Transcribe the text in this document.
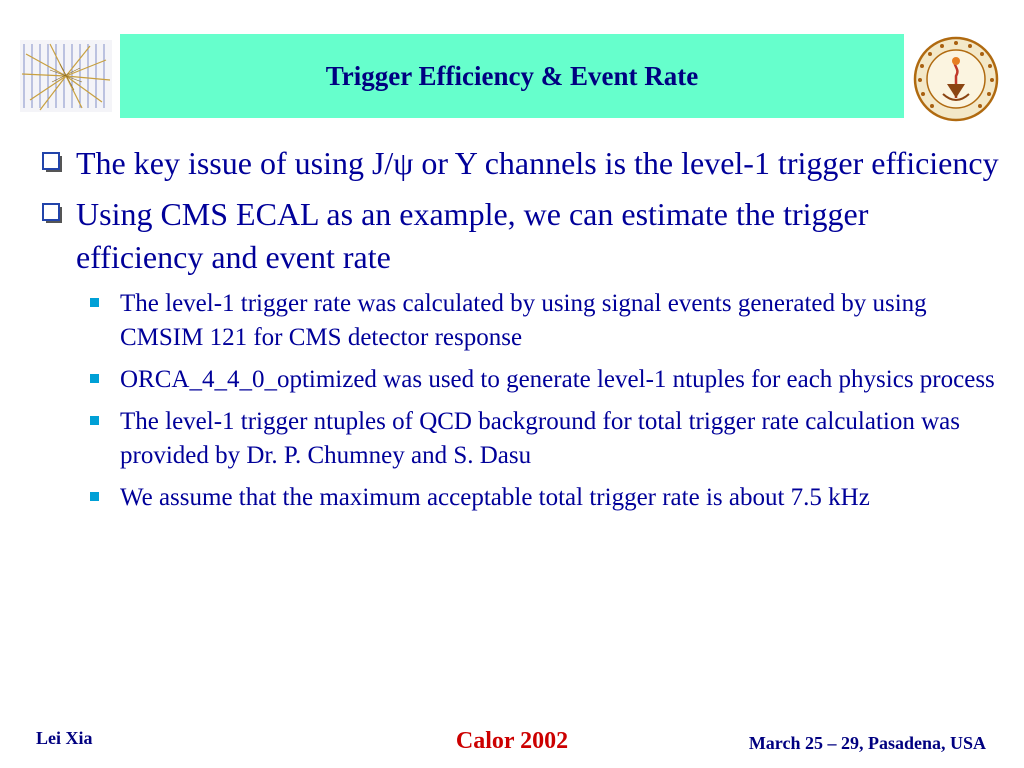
Trigger Efficiency & Event Rate
The key issue of using J/ψ or Y channels is the level-1 trigger efficiency
Using CMS ECAL as an example, we can estimate the trigger efficiency and event rate
The level-1 trigger rate was calculated by using signal events generated by using CMSIM 121 for CMS detector response
ORCA_4_4_0_optimized was used to generate level-1 ntuples for each physics process
The level-1 trigger ntuples of QCD background for total trigger rate calculation was provided by Dr. P. Chumney and S. Dasu
We assume that the maximum acceptable total trigger rate is about 7.5 kHz
Lei Xia	Calor 2002	March 25 – 29, Pasadena, USA
